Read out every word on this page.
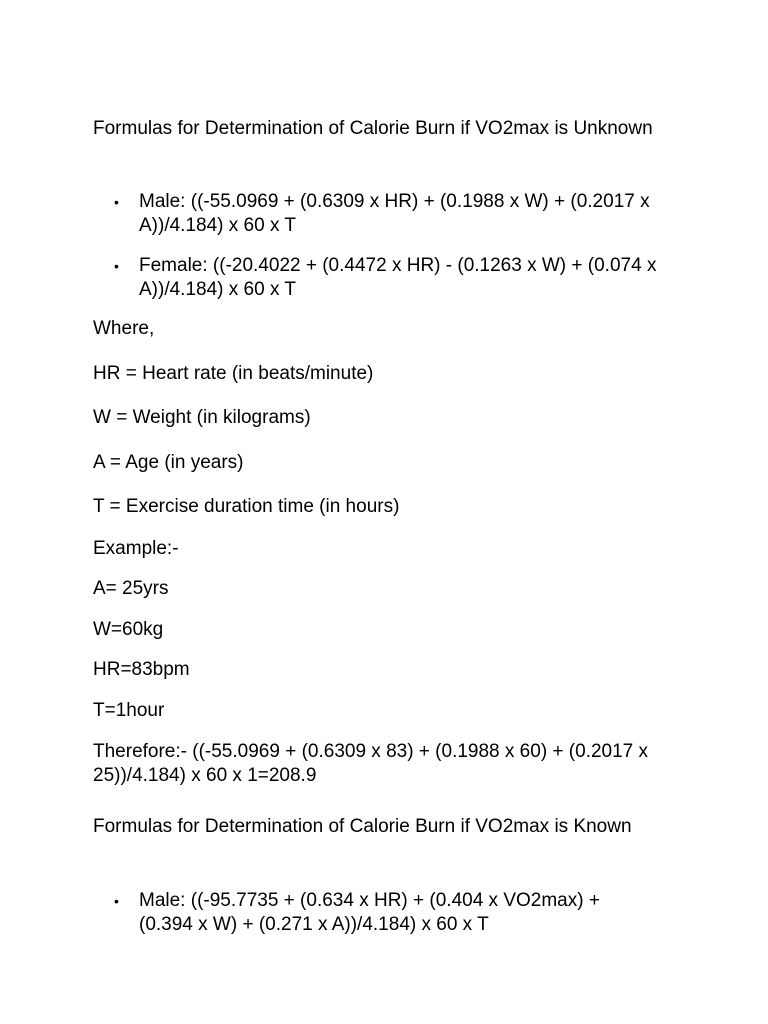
Formulas for Determination of Calorie Burn if VO2max is Unknown

• Male: ((-55.0969 + (0.6309 x HR) + (0.1988 x W) + (0.2017 x A))/4.184) x 60 x T
• Female: ((-20.4022 + (0.4472 x HR) - (0.1263 x W) + (0.074 x A))/4.184) x 60 x T

Where,

HR = Heart rate (in beats/minute)

W = Weight (in kilograms)

A = Age (in years)

T = Exercise duration time (in hours)

Example:-

A= 25yrs

W=60kg

HR=83bpm

T=1hour

Therefore:- ((-55.0969 + (0.6309 x 83) + (0.1988 x 60) + (0.2017 x 25))/4.184) x 60 x 1=208.9

Formulas for Determination of Calorie Burn if VO2max is Known

• Male: ((-95.7735 + (0.634 x HR) + (0.404 x VO2max) + (0.394 x W) + (0.271 x A))/4.184) x 60 x T
